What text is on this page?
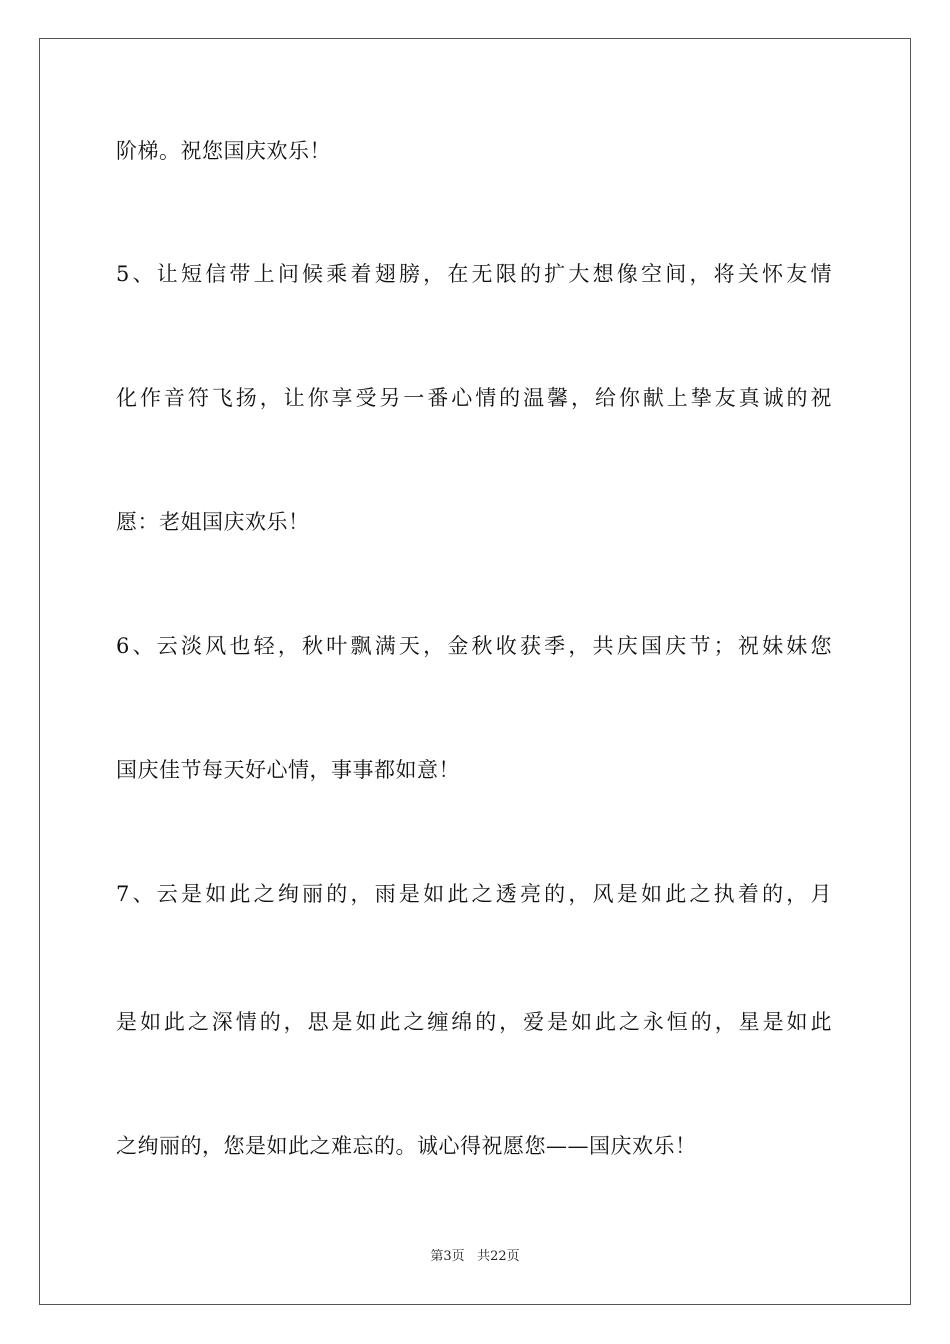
阶梯。祝您国庆欢乐！
5、让短信带上问候乘着翅膀，在无限的扩大想像空间，将关怀友情
化作音符飞扬，让你享受另一番心情的温馨，给你献上挚友真诚的祝
愿：老姐国庆欢乐！
6、云淡风也轻，秋叶飘满天，金秋收获季，共庆国庆节；祝妹妹您
国庆佳节每天好心情，事事都如意！
7、云是如此之绚丽的，雨是如此之透亮的，风是如此之执着的，月
是如此之深情的，思是如此之缠绵的，爱是如此之永恒的，星是如此
之绚丽的，您是如此之难忘的。诚心得祝愿您——国庆欢乐！
第3页 共22页
